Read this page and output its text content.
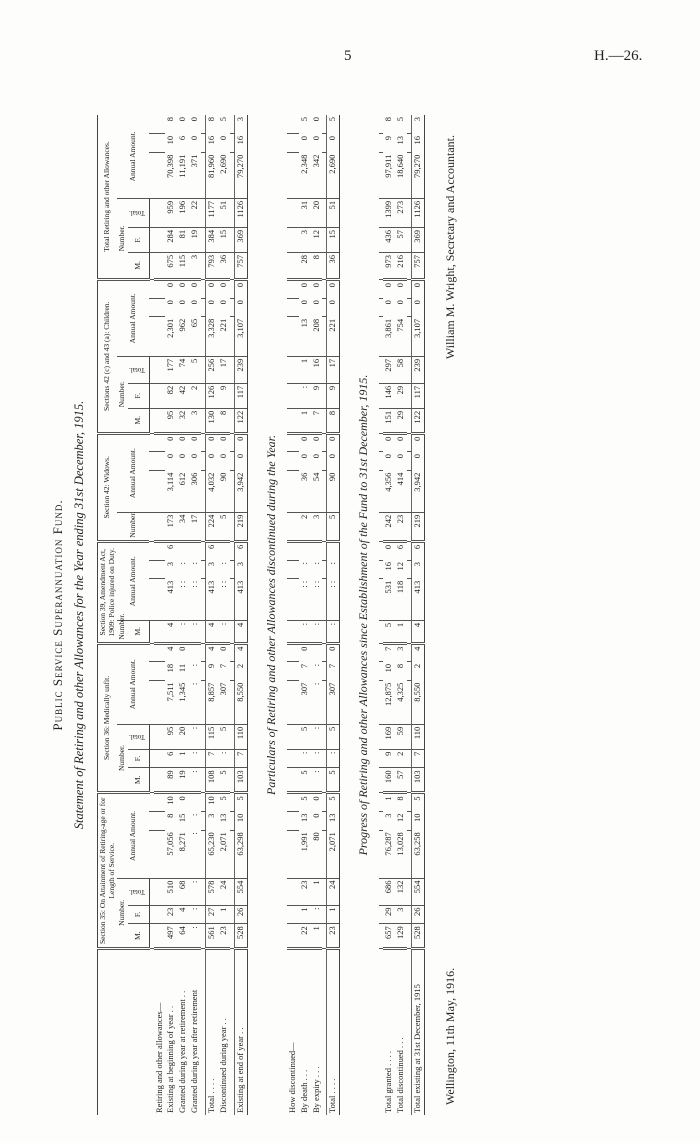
5	H.—26.
Public Service Superannuation Fund. Statement of Retiring and other Allowances for the Year ending 31st December, 1915.
	Section 35: On Attainment of Retiring-age or for Length of Service.						Section 36: Medically unfit.						Section 39, Amendment Act, 1909: Police injured on Duty.				Section 42: Widows.				Sections 42 (c) and 43 (a): Children.						Total Retiring and other Allowances.					
	Number.			Annual Amount.			Number.			Annual Amount.			Number.	Annual Amount.			Number.	Annual Amount.			Number.			Annual Amount.			Number.			Annual Amount.		
	M.	F.	Total.				M.	F.	Total.				M.								M.	F.	Total.				M.	F.	Total.			

Retiring and other allowances—																																
Existing at beginning of year . .	497	23	510	57,056	8	10	89	6	95	7,511	18	4	4	413	3	6	173	3,114	0	0	95	82	177	2,301	0	0	675	284	959	70,398	10	8
Granted during year at retirement . .	64	4	68	8,271	15	0	19	1	20	1,345	11	0	:	: :	:		34	612	0	0	32	42	74	962	0	0	115	81	196	11,191	6	0
Granted during year after retirement	:	:	:	:	:		:	:	:	:	:		:	: :	:		17	306	0	0	3	2	5	65	0	0	3	19	22	371	0	0

Total . . . .	561	27	578	65,230	3	10	108	7	115	8,857	9	4	4	413	3	6	224	4,032	0	0	130	126	256	3,328	0	0	793	384	1177	81,960	16	8
Discontinued during year . .	23	1	24	2,071	13	5	5	:	5	307	7	0	:	: :	:		5	90	0	0	8	9	17	221	0	0	36	15	51	2,690	0	5

Existing at end of year . .	528	26	554	63,298	10	5	103	7	110	8,550	2	4	4	413	3	6	219	3,942	0	0	122	117	239	3,107	0	0	757	369	1126	79,270	16	3
Particulars of Retiring and other Allowances discontinued during the Year.
How discontinued—																																
By death . . .	22	1	23	1,991	13	5	5	:	5	307	7	0	:	: :	:		2	36	0	0	1	:	1	13	0	0	28	3	31	2,348	0	5
By expiry . . .	1	:	1	80	0	0	:	:	:	:	:		:	: :	:		3	54	0	0	7	9	16	208	0	0	8	12	20	342	0	0

Total . . . .	23	1	24	2,071	13	5	5	:	5	307	7	0	:	: :	:		5	90	0	0	8	9	17	221	0	0	36	15	51	2,690	0	5
Progress of Retiring and other Allowances since Establishment of the Fund to 31st December, 1915.

Total granted . . . .	657	29	686	76,287	3	1	160	9	169	12,875	10	7	5	531	16	0	242	4,356	0	0	151	146	297	3,861	0	0	973	436	1399	97,911	9	8
Total discontinued . . .	129	3	132	13,028	12	8	57	2	59	4,325	8	3	1	118	12	6	23	414	0	0	29	29	58	754	0	0	216	57	273	18,640	13	5

Total existing at 31st December, 1915	528	26	554	63,258	10	5	103	7	110	8,550	2	4	4	413	3	6	219	3,942	0	0	122	117	239	3,107	0	0	757	369	1126	79,270	16	3
Wellington, 11th May, 1916.
William M. Wright, Secretary and Accountant.
